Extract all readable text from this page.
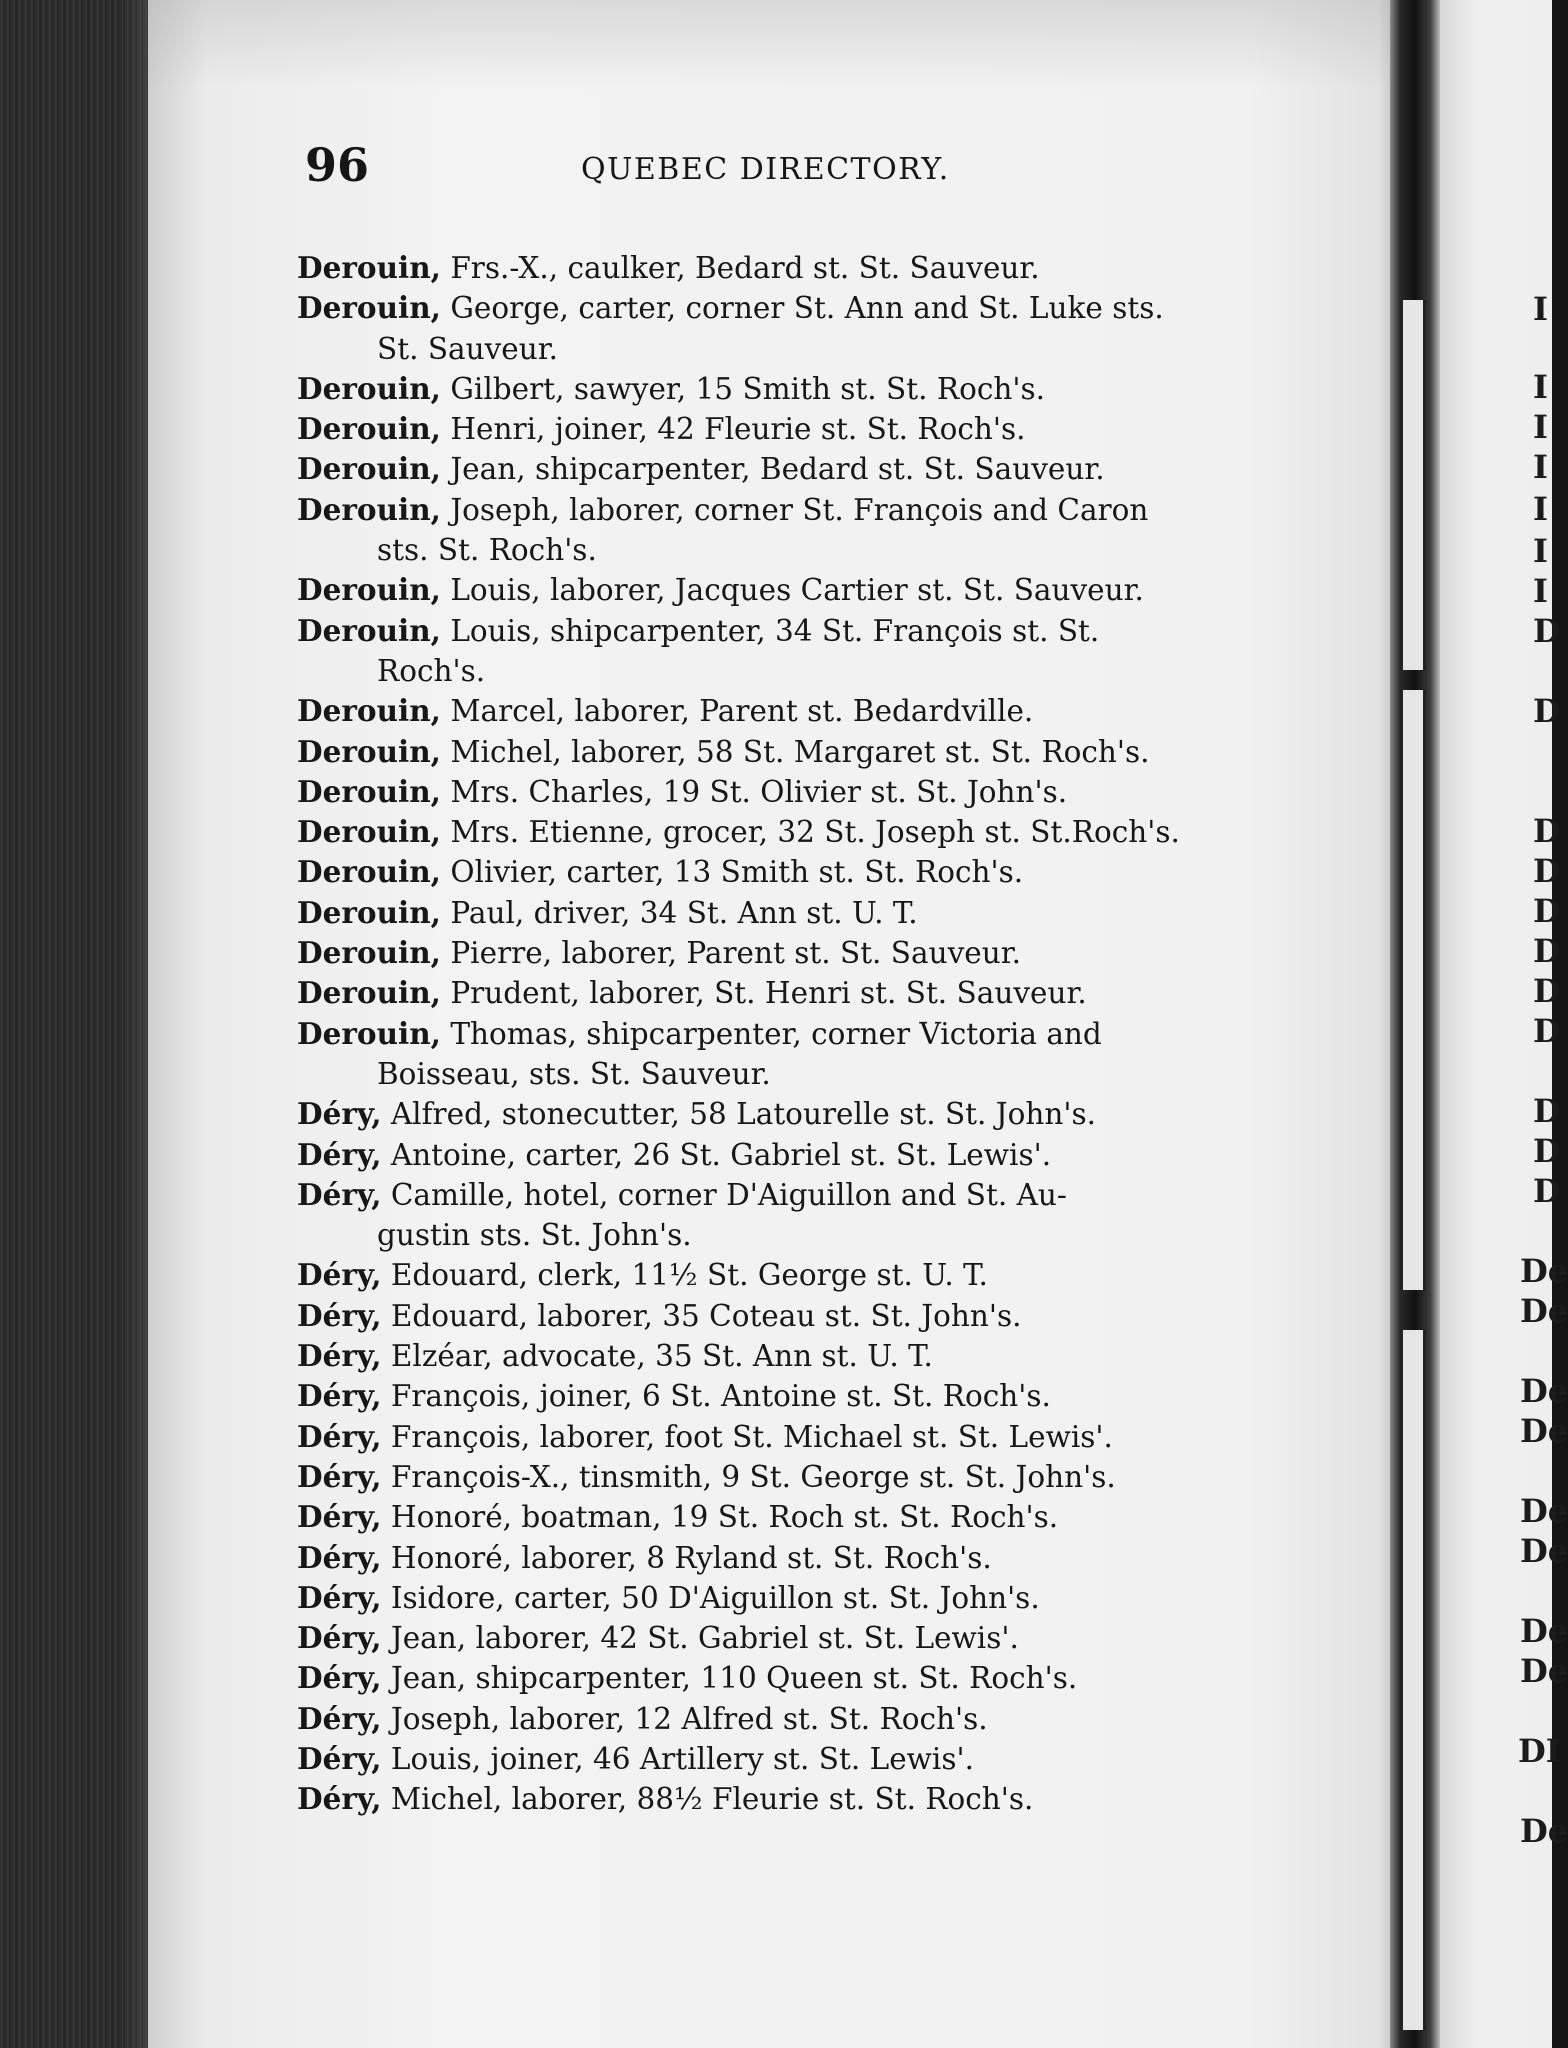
96	QUEBEC DIRECTORY.
Derouin, Frs.-X., caulker, Bedard st. St. Sauveur.
Derouin, George, carter, corner St. Ann and St. Luke sts.
St. Sauveur.
Derouin, Gilbert, sawyer, 15 Smith st. St. Roch's.
Derouin, Henri, joiner, 42 Fleurie st. St. Roch's.
Derouin, Jean, shipcarpenter, Bedard st. St. Sauveur.
Derouin, Joseph, laborer, corner St. François and Caron
sts. St. Roch's.
Derouin, Louis, laborer, Jacques Cartier st. St. Sauveur.
Derouin, Louis, shipcarpenter, 34 St. François st. St.
Roch's.
Derouin, Marcel, laborer, Parent st. Bedardville.
Derouin, Michel, laborer, 58 St. Margaret st. St. Roch's.
Derouin, Mrs. Charles, 19 St. Olivier st. St. John's.
Derouin, Mrs. Etienne, grocer, 32 St. Joseph st. St.Roch's.
Derouin, Olivier, carter, 13 Smith st. St. Roch's.
Derouin, Paul, driver, 34 St. Ann st. U. T.
Derouin, Pierre, laborer, Parent st. St. Sauveur.
Derouin, Prudent, laborer, St. Henri st. St. Sauveur.
Derouin, Thomas, shipcarpenter, corner Victoria and
Boisseau, sts. St. Sauveur.
Déry, Alfred, stonecutter, 58 Latourelle st. St. John's.
Déry, Antoine, carter, 26 St. Gabriel st. St. Lewis'.
Déry, Camille, hotel, corner D'Aiguillon and St. Au-
gustin sts. St. John's.
Déry, Edouard, clerk, 11½ St. George st. U. T.
Déry, Edouard, laborer, 35 Coteau st. St. John's.
Déry, Elzéar, advocate, 35 St. Ann st. U. T.
Déry, François, joiner, 6 St. Antoine st. St. Roch's.
Déry, François, laborer, foot St. Michael st. St. Lewis'.
Déry, François-X., tinsmith, 9 St. George st. St. John's.
Déry, Honoré, boatman, 19 St. Roch st. St. Roch's.
Déry, Honoré, laborer, 8 Ryland st. St. Roch's.
Déry, Isidore, carter, 50 D'Aiguillon st. St. John's.
Déry, Jean, laborer, 42 St. Gabriel st. St. Lewis'.
Déry, Jean, shipcarpenter, 110 Queen st. St. Roch's.
Déry, Joseph, laborer, 12 Alfred st. St. Roch's.
Déry, Louis, joiner, 46 Artillery st. St. Lewis'.
Déry, Michel, laborer, 88½ Fleurie st. St. Roch's.
I
I
I
I
I
I
I
D
D
D
D
D
D
D
D
D
D
D
De
De
De
De
De
De
De
De
DI
De
